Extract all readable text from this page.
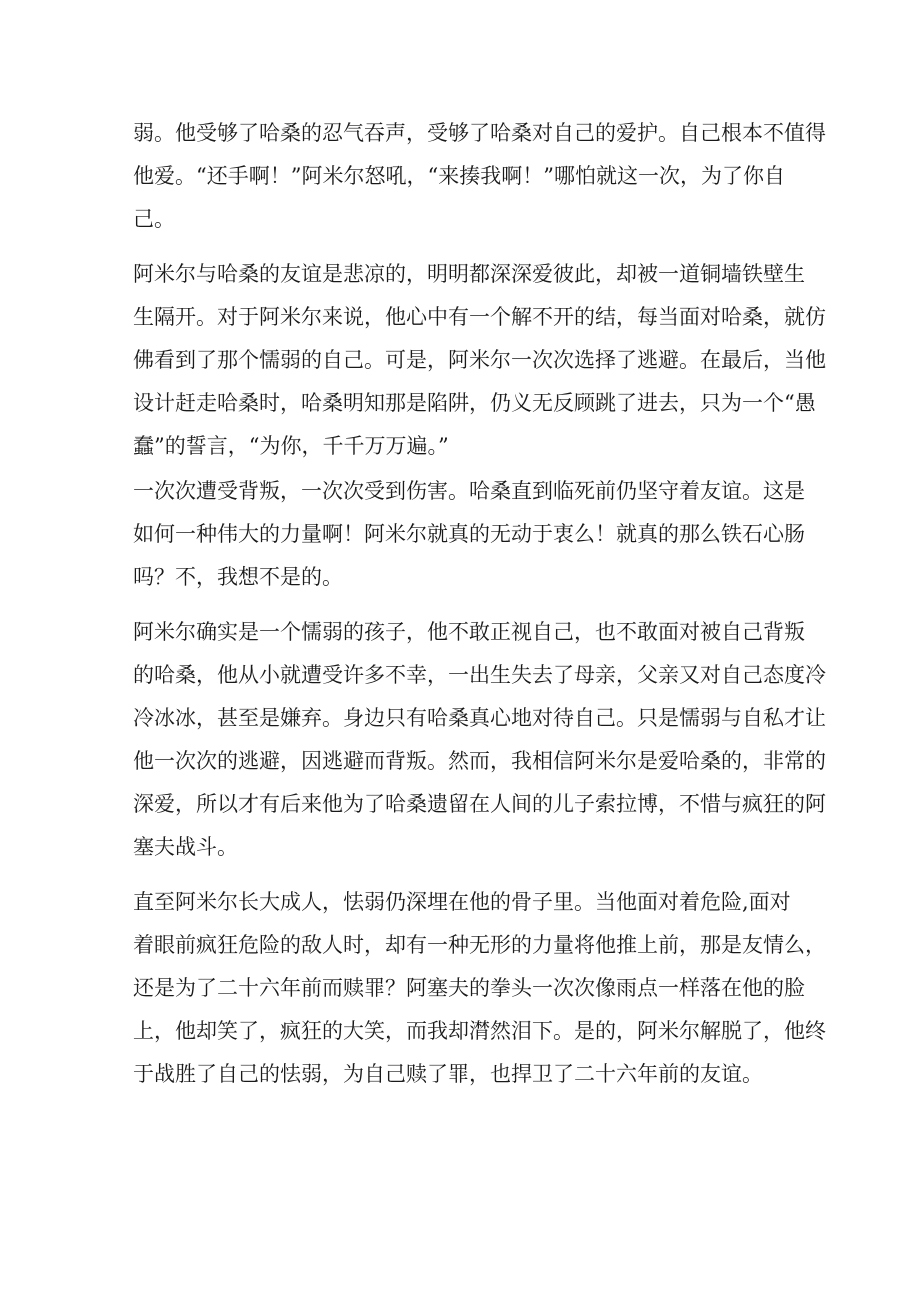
弱。他受够了哈桑的忍气吞声，受够了哈桑对自己的爱护。自己根本不值得
他爱。“还手啊！”阿米尔怒吼，“来揍我啊！”哪怕就这一次，为了你自
己。
阿米尔与哈桑的友谊是悲凉的，明明都深深爱彼此，却被一道铜墙铁壁生
生隔开。对于阿米尔来说，他心中有一个解不开的结，每当面对哈桑，就仿
佛看到了那个懦弱的自己。可是，阿米尔一次次选择了逃避。在最后，当他
设计赶走哈桑时，哈桑明知那是陷阱，仍义无反顾跳了进去，只为一个“愚
蠢”的誓言，“为你，千千万万遍。”
一次次遭受背叛，一次次受到伤害。哈桑直到临死前仍坚守着友谊。这是
如何一种伟大的力量啊！阿米尔就真的无动于衷么！就真的那么铁石心肠
吗？不，我想不是的。
阿米尔确实是一个懦弱的孩子，他不敢正视自己，也不敢面对被自己背叛
的哈桑，他从小就遭受许多不幸，一出生失去了母亲，父亲又对自己态度冷
冷冰冰，甚至是嫌弃。身边只有哈桑真心地对待自己。只是懦弱与自私才让
他一次次的逃避，因逃避而背叛。然而，我相信阿米尔是爱哈桑的，非常的
深爱，所以才有后来他为了哈桑遗留在人间的儿子索拉博，不惜与疯狂的阿
塞夫战斗。
直至阿米尔长大成人，怯弱仍深埋在他的骨子里。当他面对着危险,面对
着眼前疯狂危险的敌人时，却有一种无形的力量将他推上前，那是友情么，
还是为了二十六年前而赎罪？阿塞夫的拳头一次次像雨点一样落在他的脸
上，他却笑了，疯狂的大笑，而我却潸然泪下。是的，阿米尔解脱了，他终
于战胜了自己的怯弱，为自己赎了罪，也捍卫了二十六年前的友谊。
